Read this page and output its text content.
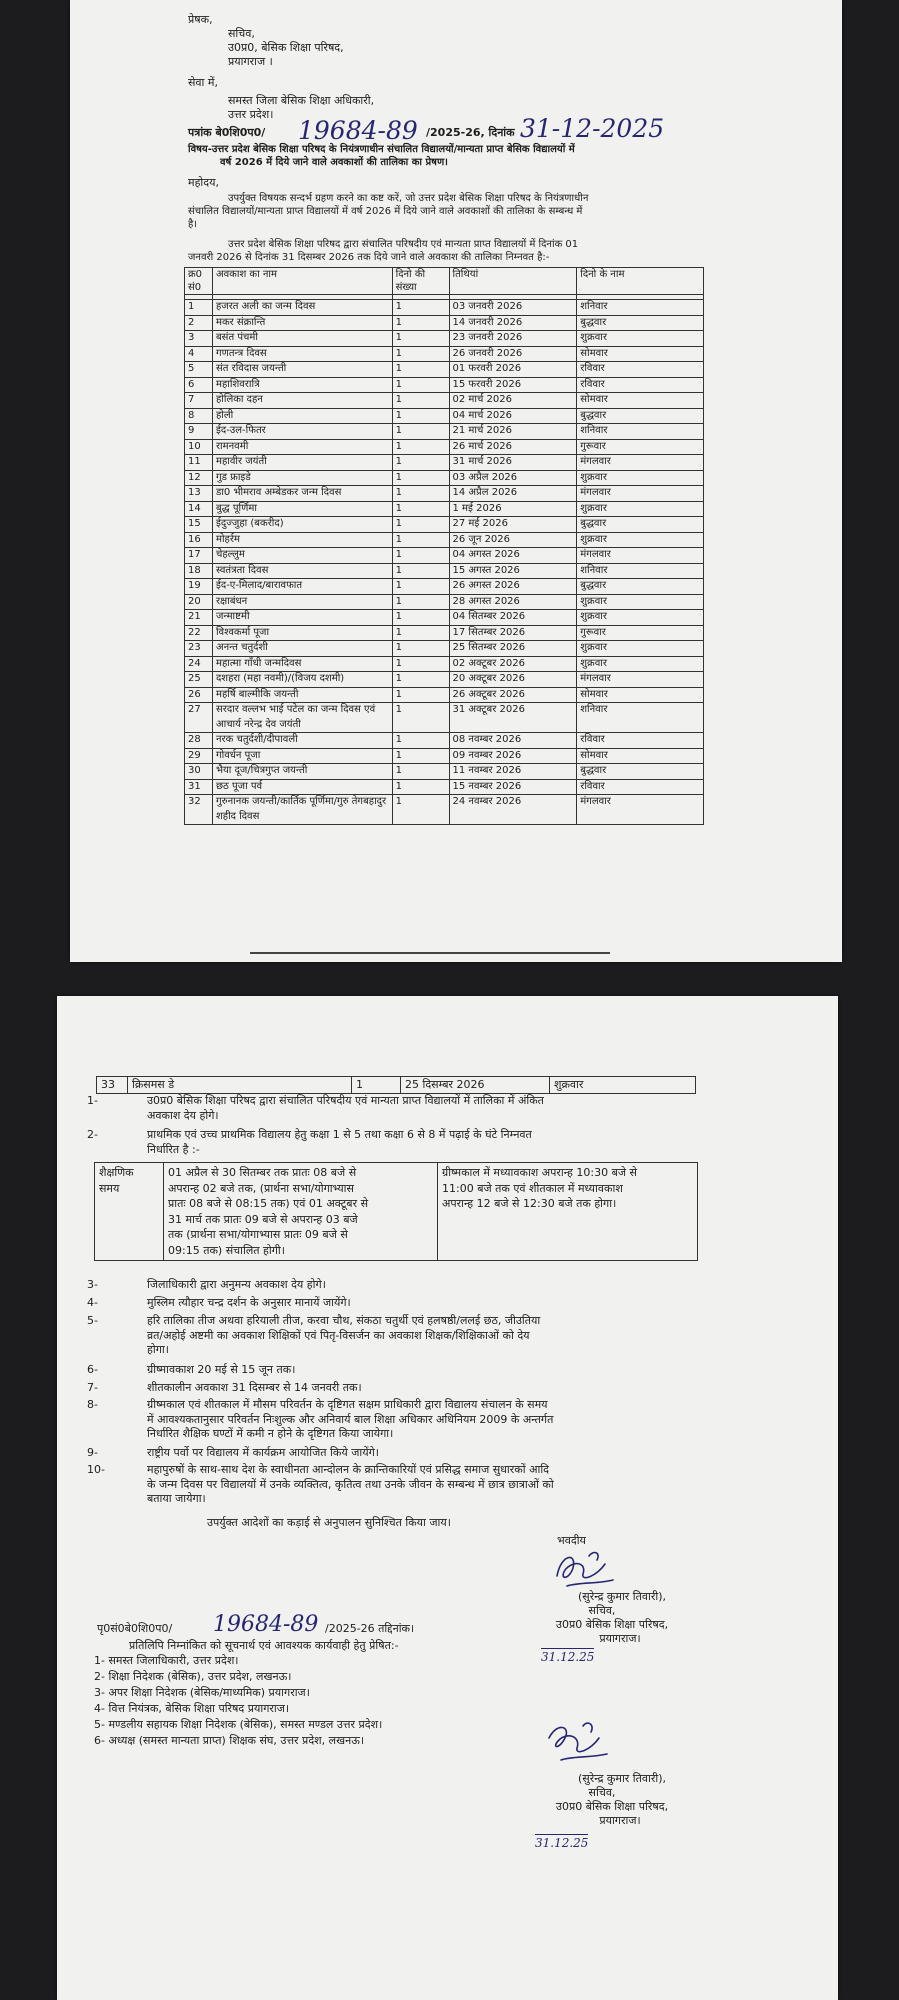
प्रेषक,
सचिव,
उ0प्र0, बेसिक शिक्षा परिषद,
प्रयागराज ।
सेवा में,
समस्त जिला बेसिक शिक्षा अधिकारी,
उत्तर प्रदेश।
पत्रांक बे0शि0प0/ 19684-89 /2025-26, दिनांक 31-12-2025
विषय-उत्तर प्रदेश बेसिक शिक्षा परिषद के नियंत्रणाधीन संचालित विद्यालयों/मान्यता प्राप्त बेसिक विद्यालयों में
वर्ष 2026 में दिये जाने वाले अवकाशों की तालिका का प्रेषण।
महोदय,
उपर्युक्त विषयक सन्दर्भ ग्रहण करने का कष्ट करें, जो उत्तर प्रदेश बेसिक शिक्षा परिषद के नियंत्रणाधीन
संचालित विद्यालयों/मान्यता प्राप्त विद्यालयों में वर्ष 2026 में दिये जाने वाले अवकाशों की तालिका के सम्बन्ध में
है।
उत्तर प्रदेश बेसिक शिक्षा परिषद द्वारा संचालित परिषदीय एवं मान्यता प्राप्त विद्यालयों में दिनांक 01
जनवरी 2026 से दिनांक 31 दिसम्बर 2026 तक दिये जाने वाले अवकाश की तालिका निम्नवत है:-
क्र0 सं0	अवकाश का नाम	दिनो की संख्या	तिथियां	दिनो के नाम

1	हजरत अली का जन्म दिवस	1	03 जनवरी 2026	शनिवार
2	मकर संक्रान्ति	1	14 जनवरी 2026	बुद्धवार
3	बसंत पंचमी	1	23 जनवरी 2026	शुक्रवार
4	गणतन्त्र दिवस	1	26 जनवरी 2026	सोमवार
5	संत रविदास जयन्ती	1	01 फरवरी 2026	रविवार
6	महाशिवरात्रि	1	15 फरवरी 2026	रविवार
7	होलिका दहन	1	02 मार्च 2026	सोमवार
8	होली	1	04 मार्च 2026	बुद्धवार
9	ईद-उल-फितर	1	21 मार्च 2026	शनिवार
10	रामनवमी	1	26 मार्च 2026	गुरूवार
11	महावीर जयंती	1	31 मार्च 2026	मंगलवार
12	गुड फ्राइडे	1	03 अप्रैल 2026	शुक्रवार
13	डा0 भीमराव अम्बेडकर जन्म दिवस	1	14 अप्रैल 2026	मंगलवार
14	बुद्ध पूर्णिमा	1	1 मई 2026	शुक्रवार
15	ईदुज्जुहा (बकरीद)	1	27 मई 2026	बुद्धवार
16	मोहर्रम	1	26 जून 2026	शुक्रवार
17	चेहल्लुम	1	04 अगस्त 2026	मंगलवार
18	स्वतंत्रता दिवस	1	15 अगस्त 2026	शनिवार
19	ईद-ए-मिलाद/बारावफात	1	26 अगस्त 2026	बुद्धवार
20	रक्षाबंधन	1	28 अगस्त 2026	शुक्रवार
21	जन्माष्टमी	1	04 सितम्बर 2026	शुक्रवार
22	विश्वकर्मा पूजा	1	17 सितम्बर 2026	गुरूवार
23	अनन्त चतुर्दशी	1	25 सितम्बर 2026	शुक्रवार
24	महात्मा गाँधी जन्मदिवस	1	02 अक्टूबर 2026	शुक्रवार
25	दशहरा (महा नवमी)/(विजय दशमी)	1	20 अक्टूबर 2026	मंगलवार
26	महर्षि बाल्मीकि जयन्ती	1	26 अक्टूबर 2026	सोमवार
27	सरदार वल्लभ भाई पटेल का जन्म दिवस एवं आचार्य नरेन्द्र देव जयंती	1	31 अक्टूबर 2026	शनिवार
28	नरक चतुर्दशी/दीपावली	1	08 नवम्बर 2026	रविवार
29	गोवर्धन पूजा	1	09 नवम्बर 2026	सोमवार
30	भैया दूज/चित्रगुप्त जयन्ती	1	11 नवम्बर 2026	बुद्धवार
31	छठ पूजा पर्व	1	15 नवम्बर 2026	रविवार
32	गुरुनानक जयन्ती/कार्तिक पूर्णिमा/गुरु तेगबहादुर शहीद दिवस	1	24 नवम्बर 2026	मंगलवार
33	क्रिसमस डे	1	25 दिसम्बर 2026	शुक्रवार
1-	उ0प्र0 बेसिक शिक्षा परिषद द्वारा संचालित परिषदीय एवं मान्यता प्राप्त विद्यालयों में तालिका में अंकित
अवकाश देय होगे।
2-	प्राथमिक एवं उच्च प्राथमिक विद्यालय हेतु कक्षा 1 से 5 तथा कक्षा 6 से 8 में पढ़ाई के घंटे निम्नवत
निर्धारित है :-
शैक्षणिक
समय

01 अप्रैल से 30 सितम्बर तक प्रातः 08 बजे से
अपरान्ह 02 बजे तक, (प्रार्थना सभा/योगाभ्यास
प्रातः 08 बजे से 08:15 तक) एवं 01 अक्टूबर से
31 मार्च तक प्रातः 09 बजे से अपरान्ह 03 बजे
तक (प्रार्थना सभा/योगाभ्यास प्रातः 09 बजे से
09:15 तक) संचालित होगी।

ग्रीष्मकाल में मध्यावकाश अपरान्ह 10:30 बजे से
11:00 बजे तक एवं शीतकाल में मध्यावकाश
अपरान्ह 12 बजे से 12:30 बजे तक होगा।
3-	जिलाधिकारी द्वारा अनुमन्य अवकाश देय होगे।
4-	मुस्लिम त्यौहार चन्द्र दर्शन के अनुसार मानायें जायेंगे।
5-	हरि तालिका तीज अथवा हरियाली तीज, करवा चौथ, संकठा चतुर्थी एवं हलषष्ठी/ललई छठ, जीउतिया
व्रत/अहोई अष्टमी का अवकाश शिक्षिकों एवं पितृ-विसर्जन का अवकाश शिक्षक/शिक्षिकाओं को देय
होगा।
6-	ग्रीष्मावकाश 20 मई से 15 जून तक।
7-	शीतकालीन अवकाश 31 दिसम्बर से 14 जनवरी तक।
8-	ग्रीष्मकाल एवं शीतकाल में मौसम परिवर्तन के दृष्टिगत सक्षम प्राधिकारी द्वारा विद्यालय संचालन के समय
में आवश्यकतानुसार परिवर्तन निःशुल्क और अनिवार्य बाल शिक्षा अधिकार अधिनियम 2009 के अन्तर्गत
निर्धारित शैक्षिक घण्टों में कमी न होने के दृष्टिगत किया जायेगा।
9-	राष्ट्रीय पर्वो पर विद्यालय में कार्यक्रम आयोजित किये जायेंगे।
10-	महापुरुषों के साथ-साथ देश के स्वाधीनता आन्दोलन के क्रान्तिकारियों एवं प्रसिद्ध समाज सुधारकों आदि
के जन्म दिवस पर विद्यालयों में उनके व्यक्तित्व, कृतित्व तथा उनके जीवन के सम्बन्ध में छात्र छात्राओं को
बताया जायेगा।
उपर्युक्त आदेशों का कड़ाई से अनुपालन सुनिश्चित किया जाय।
भवदीय
(सुरेन्द्र कुमार तिवारी),
सचिव,
उ0प्र0 बेसिक शिक्षा परिषद,
प्रयागराज।
31.12.25
पृ0सं0बे0शि0प0/ 19684-89 /2025-26 तद्दिनांक।
प्रतिलिपि निम्नांकित को सूचनार्थ एवं आवश्यक कार्यवाही हेतु प्रेषित:-
1- समस्त जिलाधिकारी, उत्तर प्रदेश।
2- शिक्षा निदेशक (बेसिक), उत्तर प्रदेश, लखनऊ।
3- अपर शिक्षा निदेशक (बेसिक/माध्यमिक) प्रयागराज।
4- वित्त नियंत्रक, बेसिक शिक्षा परिषद प्रयागराज।
5- मण्डलीय सहायक शिक्षा निदेशक (बेसिक), समस्त मण्डल उत्तर प्रदेश।
6- अध्यक्ष (समस्त मान्यता प्राप्त) शिक्षक संघ, उत्तर प्रदेश, लखनऊ।
(सुरेन्द्र कुमार तिवारी),
सचिव,
उ0प्र0 बेसिक शिक्षा परिषद,
प्रयागराज।
31.12.25
